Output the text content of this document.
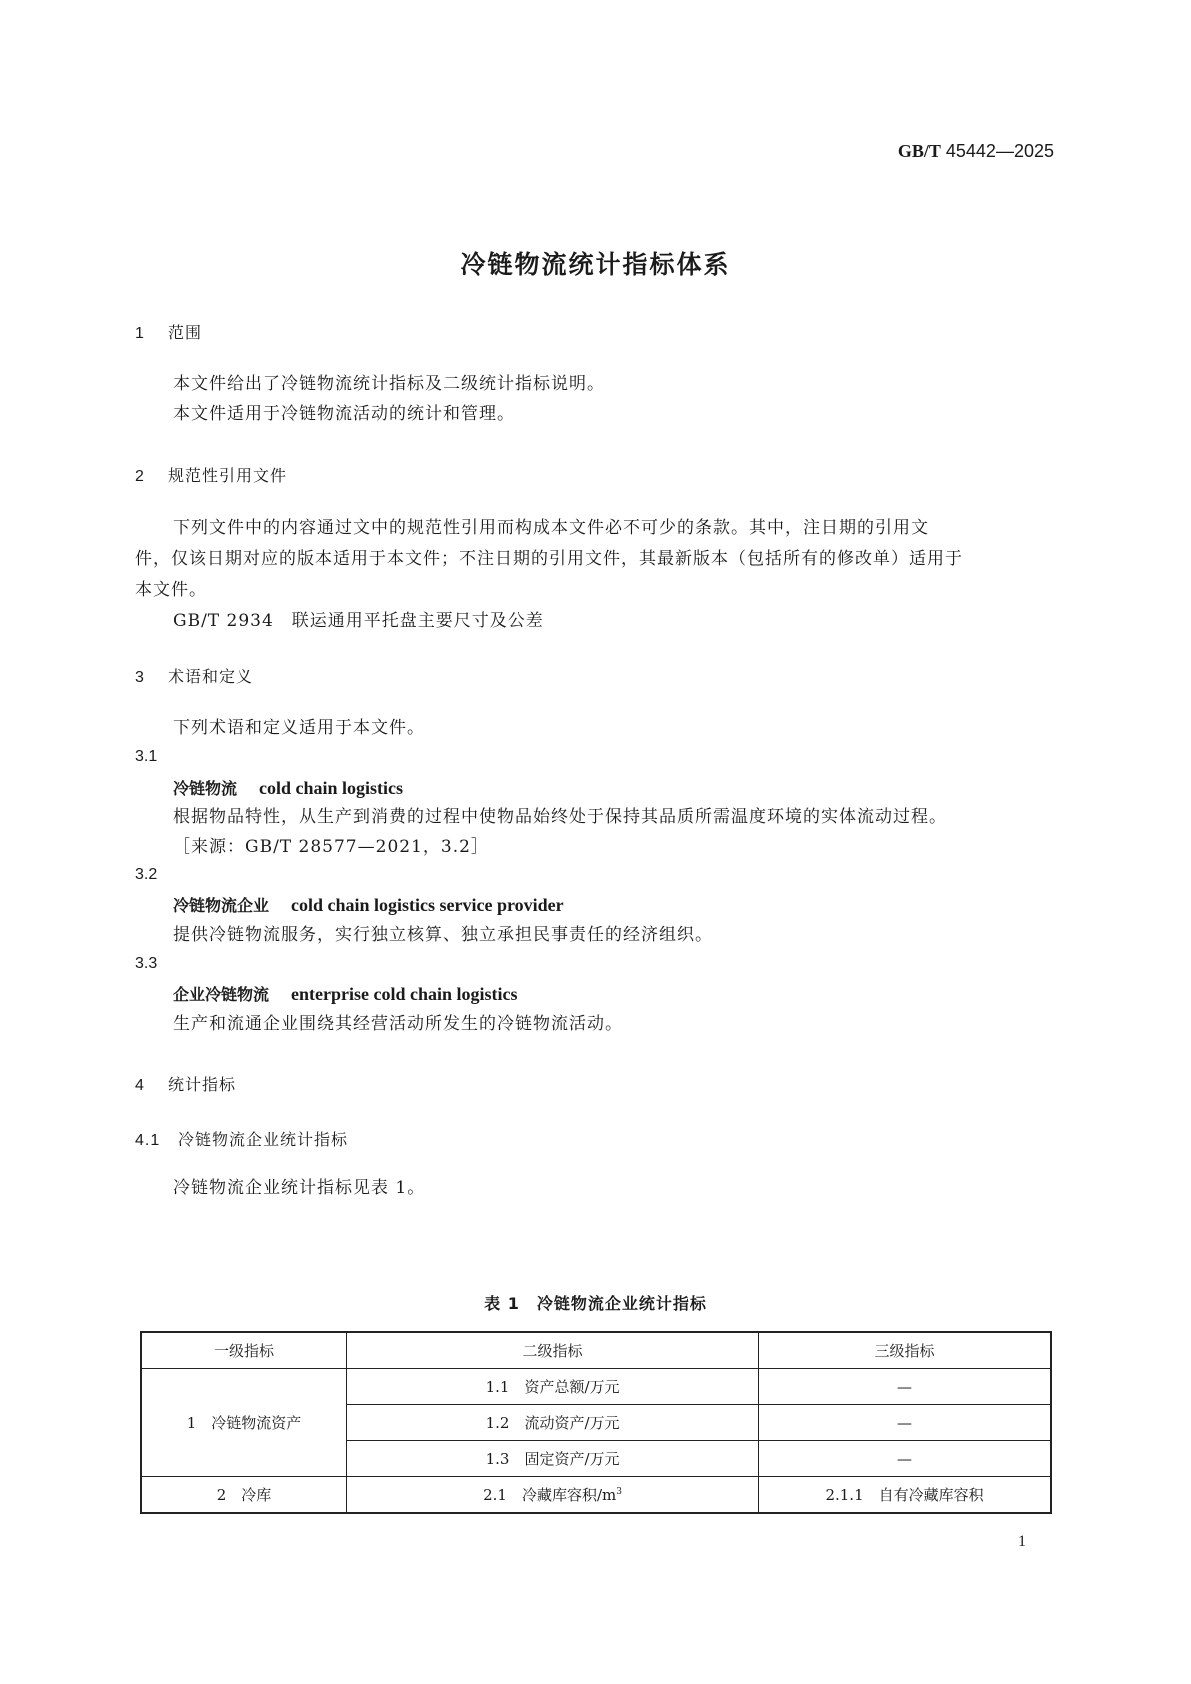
GB/T 45442—2025
冷链物流统计指标体系
1 范围
本文件给出了冷链物流统计指标及二级统计指标说明。
本文件适用于冷链物流活动的统计和管理。
2 规范性引用文件
下列文件中的内容通过文中的规范性引用而构成本文件必不可少的条款。其中，注日期的引用文
件，仅该日期对应的版本适用于本文件；不注日期的引用文件，其最新版本（包括所有的修改单）适用于
本文件。
GB/T 2934　联运通用平托盘主要尺寸及公差
3 术语和定义
下列术语和定义适用于本文件。
3.1
冷链物流 cold chain logistics
根据物品特性，从生产到消费的过程中使物品始终处于保持其品质所需温度环境的实体流动过程。
［来源：GB/T 28577—2021，3.2］
3.2
冷链物流企业 cold chain logistics service provider
提供冷链物流服务，实行独立核算、独立承担民事责任的经济组织。
3.3
企业冷链物流 enterprise cold chain logistics
生产和流通企业围绕其经营活动所发生的冷链物流活动。
4 统计指标
4.1 冷链物流企业统计指标
冷链物流企业统计指标见表 1。
表 1　冷链物流企业统计指标
一级指标	二级指标	三级指标
1　冷链物流资产	1.1　资产总额/万元	—
	1.2　流动资产/万元	—
	1.3　固定资产/万元	—
2　冷库	2.1　冷藏库容积$/m^3$	2.1.1　自有冷藏库容积
1
